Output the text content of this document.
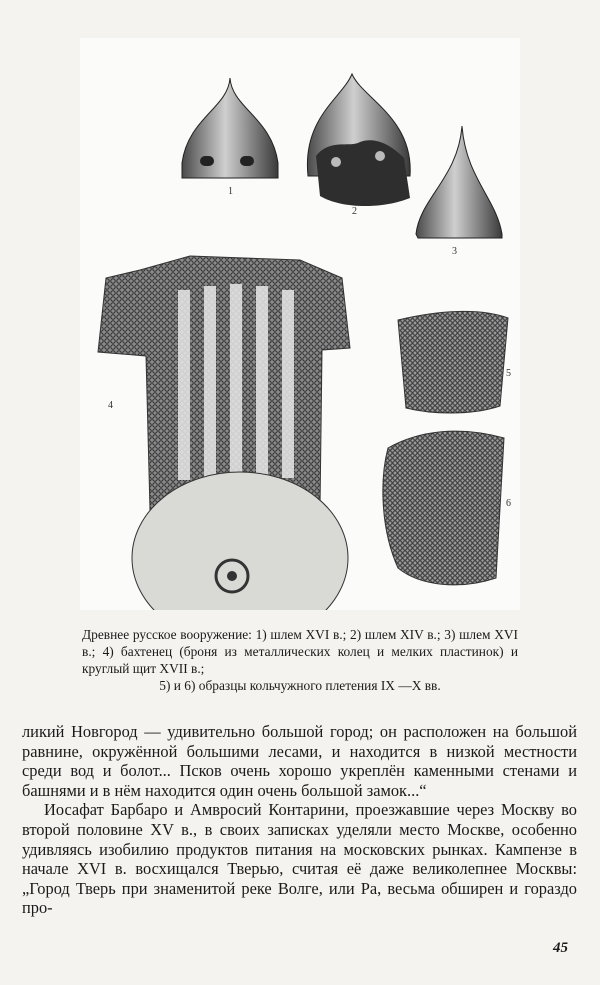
1
2
3
4
5
6
Древнее русское вооружение: 1) шлем XVI в.; 2) шлем XIV в.; 3) шлем XVI в.; 4) бахтенец (броня из металлических колец и мелких пластинок) и круглый щит XVII в.;
5) и 6) образцы кольчужного плетения IX —X вв.

ликий Новгород — удивительно большой город; он расположен на большой равнине, окружённой большими лесами, и находится в низкой местности среди вод и болот... Псков очень хорошо укреплён каменными стенами и башнями и в нём находится один очень большой замок...“

Иосафат Барбаро и Амвросий Контарини, проезжавшие через Москву во второй половине XV в., в своих записках уделяли место Москве, особенно удивляясь изобилию продуктов питания на московских рынках. Кампензе в начале XVI в. восхищался Тверью, считая её даже великолепнее Москвы: „Город Тверь при знаменитой реке Волге, или Ра, весьма обширен и гораздо про-

45
